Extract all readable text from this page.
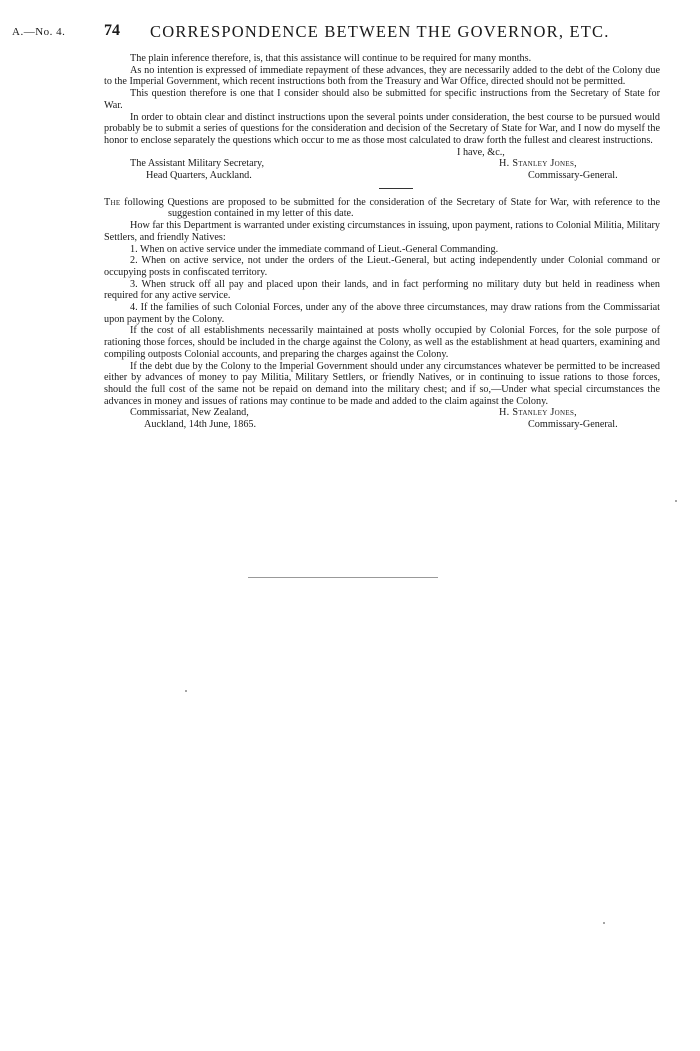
A.—No. 4. 74 CORRESPONDENCE BETWEEN THE GOVERNOR, ETC.

The plain inference therefore, is, that this assistance will continue to be required for many months.

As no intention is expressed of immediate repayment of these advances, they are necessarily added to the debt of the Colony due to the Imperial Government, which recent instructions both from the Treasury and War Office, directed should not be permitted.

This question therefore is one that I consider should also be submitted for specific instructions from the Secretary of State for War.

In order to obtain clear and distinct instructions upon the several points under consideration, the best course to be pursued would probably be to submit a series of questions for the consideration and decision of the Secretary of State for War, and I now do myself the honor to enclose separately the questions which occur to me as those most calculated to draw forth the fullest and clearest instructions.

I have, &c.,
The Assistant Military Secretary,	H. Stanley Jones,
Head Quarters, Auckland.	Commissary-General.

The following Questions are proposed to be submitted for the consideration of the Secretary of State for War, with reference to the suggestion contained in my letter of this date.

How far this Department is warranted under existing circumstances in issuing, upon payment, rations to Colonial Militia, Military Settlers, and friendly Natives:

1. When on active service under the immediate command of Lieut.-General Commanding.

2. When on active service, not under the orders of the Lieut.-General, but acting independently under Colonial command or occupying posts in confiscated territory.

3. When struck off all pay and placed upon their lands, and in fact performing no military duty but held in readiness when required for any active service.

4. If the families of such Colonial Forces, under any of the above three circumstances, may draw rations from the Commissariat upon payment by the Colony.

If the cost of all establishments necessarily maintained at posts wholly occupied by Colonial Forces, for the sole purpose of rationing those forces, should be included in the charge against the Colony, as well as the establishment at head quarters, examining and compiling outposts Colonial accounts, and preparing the charges against the Colony.

If the debt due by the Colony to the Imperial Government should under any circumstances whatever be permitted to be increased either by advances of money to pay Militia, Military Settlers, or friendly Natives, or in continuing to issue rations to those forces, should the full cost of the same not be repaid on demand into the military chest; and if so,—Under what special circumstances the advances in money and issues of rations may continue to be made and added to the claim against the Colony.

Commissariat, New Zealand,	H. Stanley Jones,
Auckland, 14th June, 1865.	Commissary-General.
